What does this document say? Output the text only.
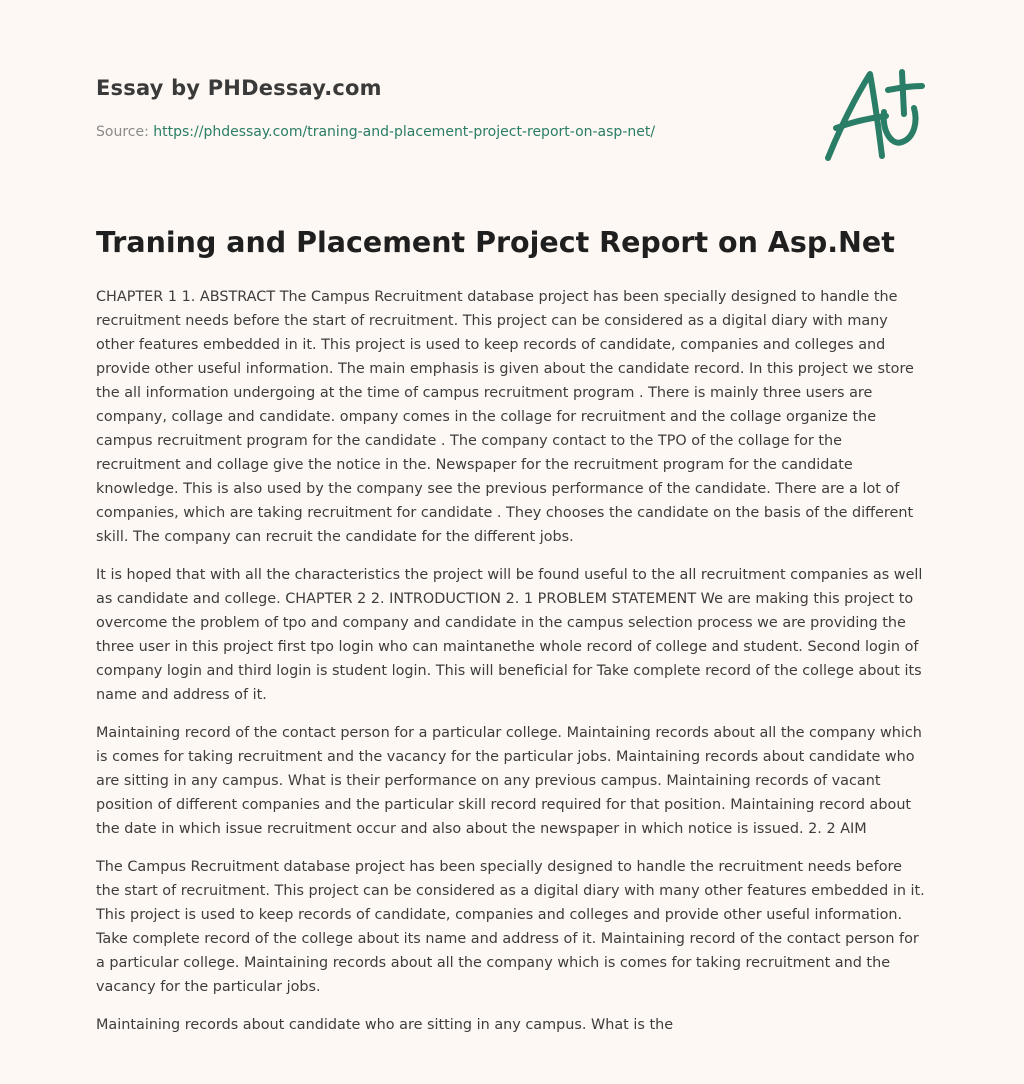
Essay by PHDessay.com
Source: https://phdessay.com/traning-and-placement-project-report-on-asp-net/
Traning and Placement Project Report on Asp.Net

CHAPTER 1 1. ABSTRACT The Campus Recruitment database project has been specially designed to handle the recruitment needs before the start of recruitment. This project can be considered as a digital diary with many other features embedded in it. This project is used to keep records of candidate, companies and colleges and provide other useful information. The main emphasis is given about the candidate record. In this project we store the all information undergoing at the time of campus recruitment program . There is mainly three users are company, collage and candidate. ompany comes in the collage for recruitment and the collage organize the campus recruitment program for the candidate . The company contact to the TPO of the collage for the recruitment and collage give the notice in the. Newspaper for the recruitment program for the candidate knowledge. This is also used by the company see the previous performance of the candidate. There are a lot of companies, which are taking recruitment for candidate . They chooses the candidate on the basis of the different skill. The company can recruit the candidate for the different jobs.

It is hoped that with all the characteristics the project will be found useful to the all recruitment companies as well as candidate and college. CHAPTER 2 2. INTRODUCTION 2. 1 PROBLEM STATEMENT We are making this project to overcome the problem of tpo and company and candidate in the campus selection process we are providing the three user in this project first tpo login who can maintanethe whole record of college and student. Second login of company login and third login is student login. This will beneficial for Take complete record of the college about its name and address of it.

Maintaining record of the contact person for a particular college. Maintaining records about all the company which is comes for taking recruitment and the vacancy for the particular jobs. Maintaining records about candidate who are sitting in any campus. What is their performance on any previous campus. Maintaining records of vacant position of different companies and the particular skill record required for that position. Maintaining record about the date in which issue recruitment occur and also about the newspaper in which notice is issued. 2. 2 AIM

The Campus Recruitment database project has been specially designed to handle the recruitment needs before the start of recruitment. This project can be considered as a digital diary with many other features embedded in it. This project is used to keep records of candidate, companies and colleges and provide other useful information. Take complete record of the college about its name and address of it. Maintaining record of the contact person for a particular college. Maintaining records about all the company which is comes for taking recruitment and the vacancy for the particular jobs.

Maintaining records about candidate who are sitting in any campus. What is the
